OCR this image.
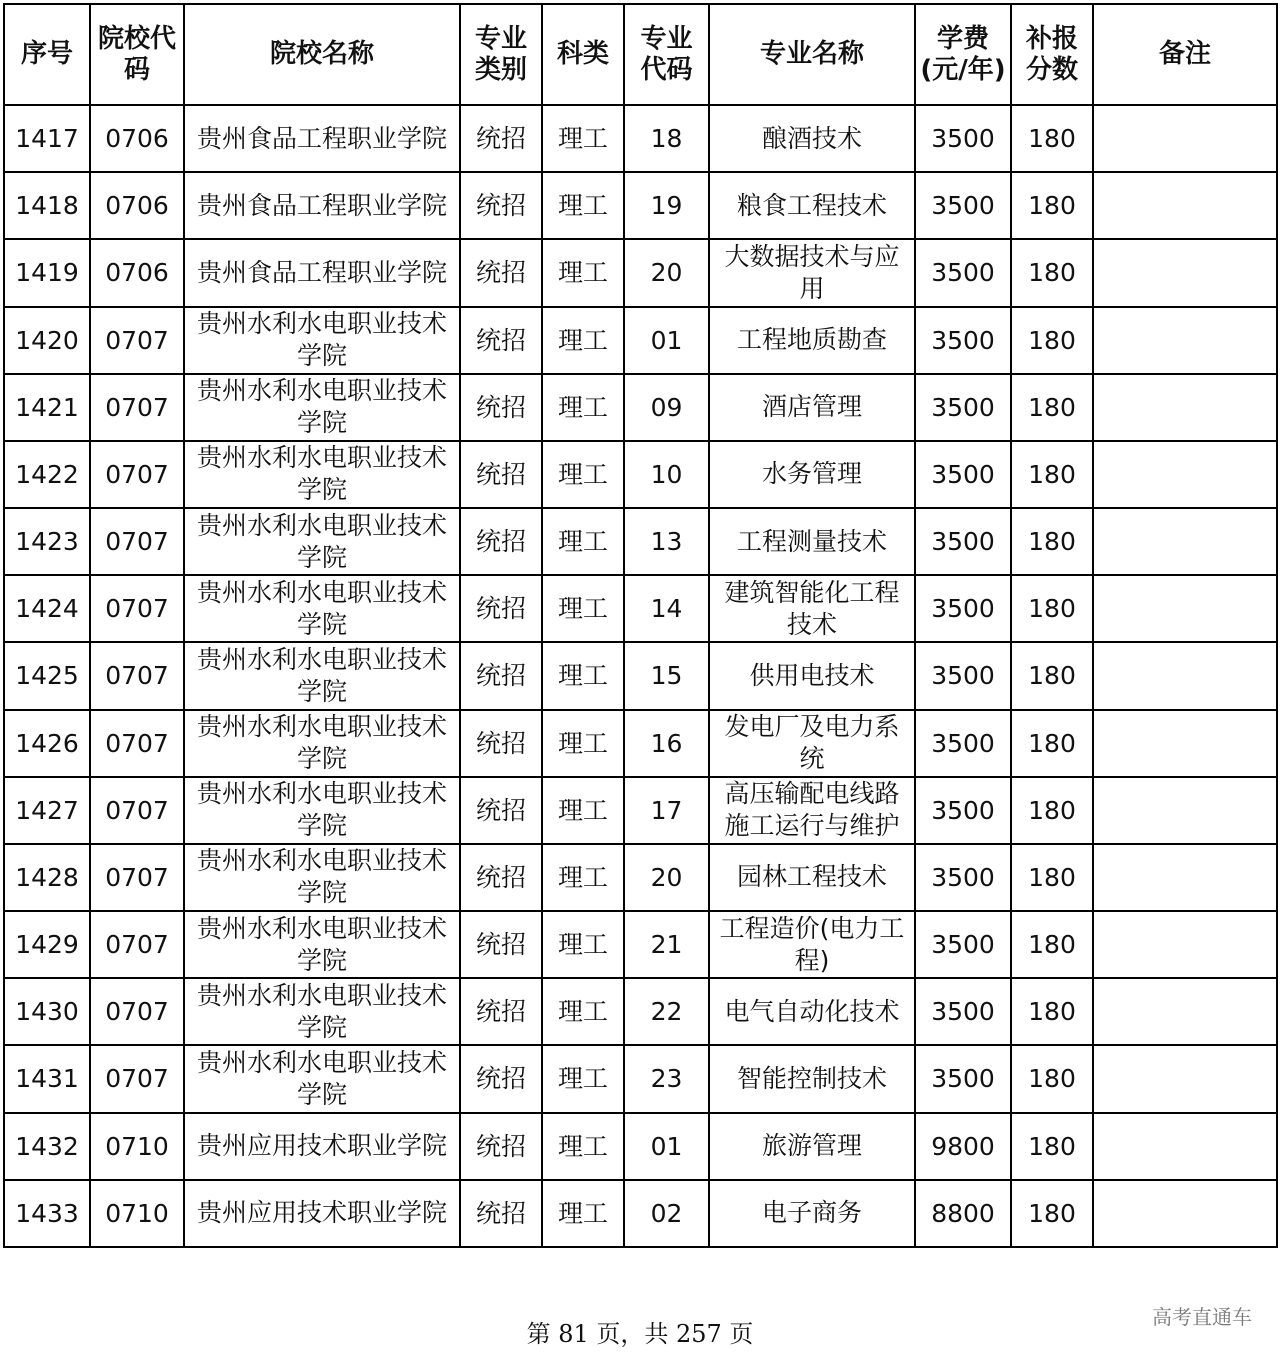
序号	院校代码	院校名称	专业类别	科类	专业代码	专业名称	学费(元/年)	补报分数	备注
1417	0706	贵州食品工程职业学院	统招	理工	18	酿酒技术	3500	180	
1418	0706	贵州食品工程职业学院	统招	理工	19	粮食工程技术	3500	180	
1419	0706	贵州食品工程职业学院	统招	理工	20	大数据技术与应用	3500	180	
1420	0707	贵州水利水电职业技术学院	统招	理工	01	工程地质勘查	3500	180	
1421	0707	贵州水利水电职业技术学院	统招	理工	09	酒店管理	3500	180	
1422	0707	贵州水利水电职业技术学院	统招	理工	10	水务管理	3500	180	
1423	0707	贵州水利水电职业技术学院	统招	理工	13	工程测量技术	3500	180	
1424	0707	贵州水利水电职业技术学院	统招	理工	14	建筑智能化工程技术	3500	180	
1425	0707	贵州水利水电职业技术学院	统招	理工	15	供用电技术	3500	180	
1426	0707	贵州水利水电职业技术学院	统招	理工	16	发电厂及电力系统	3500	180	
1427	0707	贵州水利水电职业技术学院	统招	理工	17	高压输配电线路施工运行与维护	3500	180	
1428	0707	贵州水利水电职业技术学院	统招	理工	20	园林工程技术	3500	180	
1429	0707	贵州水利水电职业技术学院	统招	理工	21	工程造价(电力工程)	3500	180	
1430	0707	贵州水利水电职业技术学院	统招	理工	22	电气自动化技术	3500	180	
1431	0707	贵州水利水电职业技术学院	统招	理工	23	智能控制技术	3500	180	
1432	0710	贵州应用技术职业学院	统招	理工	01	旅游管理	9800	180	
1433	0710	贵州应用技术职业学院	统招	理工	02	电子商务	8800	180	
第 81 页，共 257 页
高考直通车
